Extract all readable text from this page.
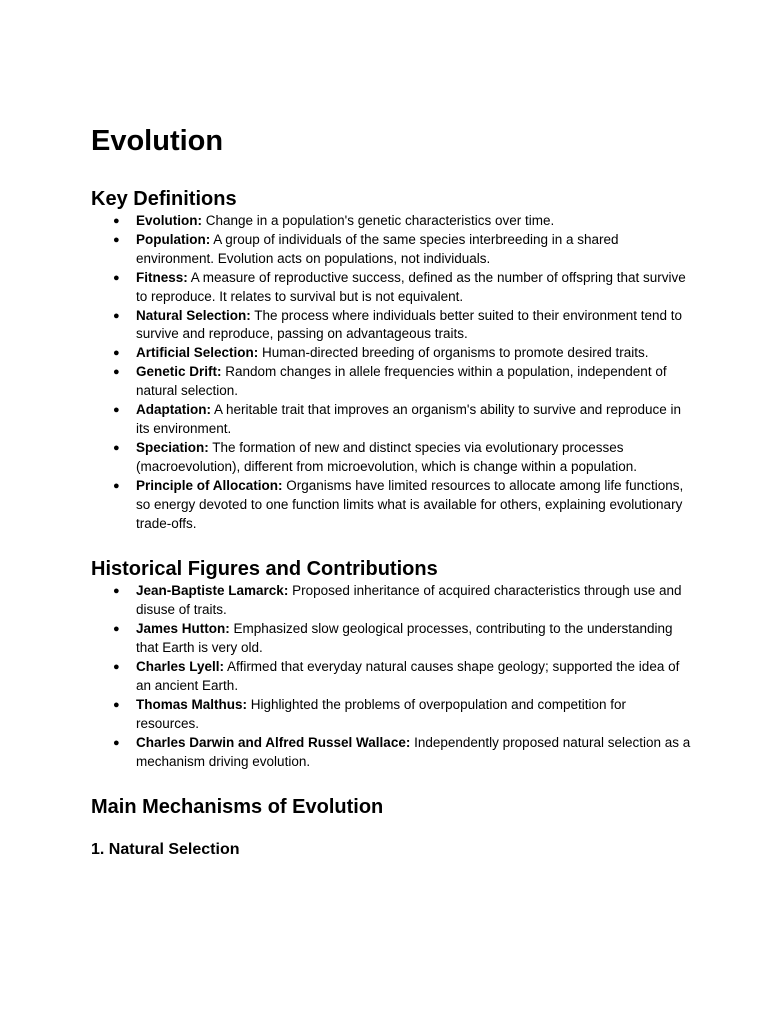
Evolution
Key Definitions
● Evolution: Change in a population's genetic characteristics over time.
● Population: A group of individuals of the same species interbreeding in a shared environment. Evolution acts on populations, not individuals.
● Fitness: A measure of reproductive success, defined as the number of offspring that survive to reproduce. It relates to survival but is not equivalent.
● Natural Selection: The process where individuals better suited to their environment tend to survive and reproduce, passing on advantageous traits.
● Artificial Selection: Human-directed breeding of organisms to promote desired traits.
● Genetic Drift: Random changes in allele frequencies within a population, independent of natural selection.
● Adaptation: A heritable trait that improves an organism's ability to survive and reproduce in its environment.
● Speciation: The formation of new and distinct species via evolutionary processes (macroevolution), different from microevolution, which is change within a population.
● Principle of Allocation: Organisms have limited resources to allocate among life functions, so energy devoted to one function limits what is available for others, explaining evolutionary trade-offs.
Historical Figures and Contributions
● Jean-Baptiste Lamarck: Proposed inheritance of acquired characteristics through use and disuse of traits.
● James Hutton: Emphasized slow geological processes, contributing to the understanding that Earth is very old.
● Charles Lyell: Affirmed that everyday natural causes shape geology; supported the idea of an ancient Earth.
● Thomas Malthus: Highlighted the problems of overpopulation and competition for resources.
● Charles Darwin and Alfred Russel Wallace: Independently proposed natural selection as a mechanism driving evolution.
Main Mechanisms of Evolution
1. Natural Selection
